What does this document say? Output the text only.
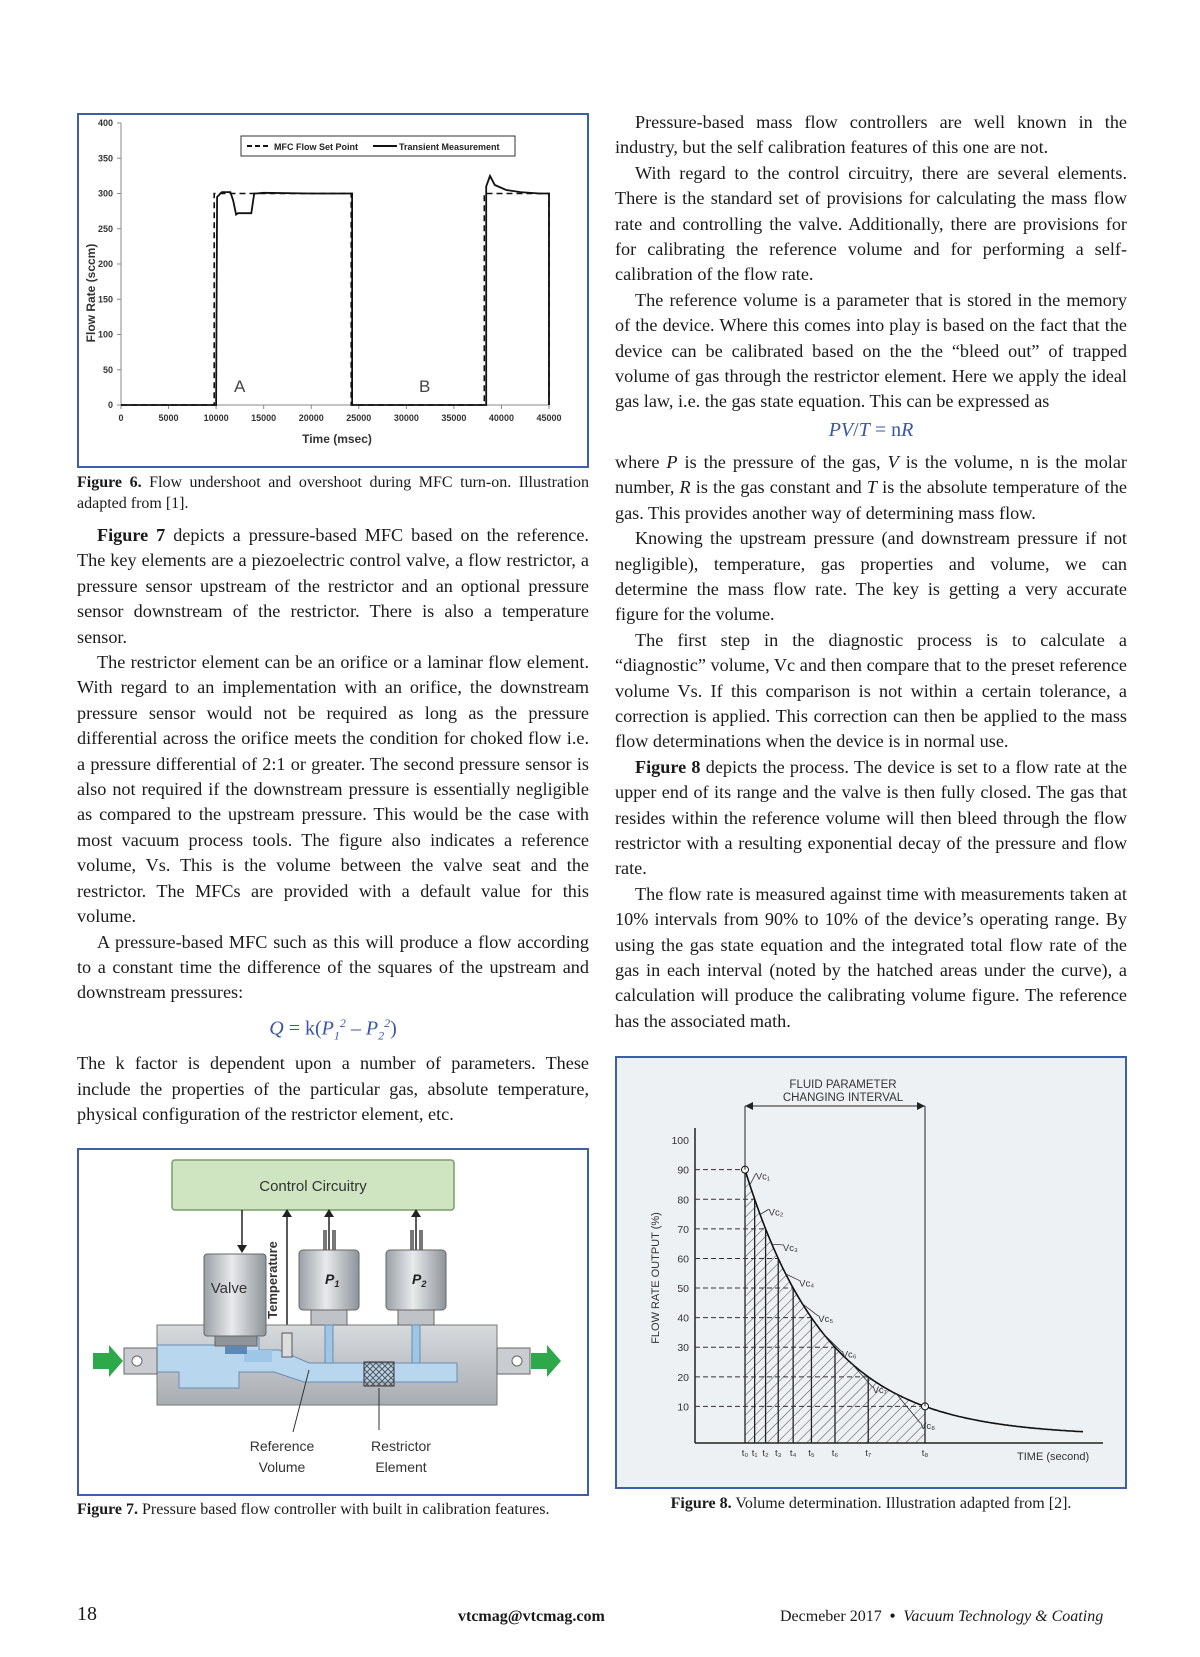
0
50
100
150
200
250
300
350
400
0	5000	10000	15000	20000	25000	30000	35000	40000	45000
MFC Flow Set Point	Transient Measurement
A	B
Time (msec)
Flow Rate (sccm)

Figure 6. Flow undershoot and overshoot during MFC turn-on. Illustration adapted from [1].

Figure 7 depicts a pressure-based MFC based on the reference. The key elements are a piezoelectric control valve, a flow restrictor, a pressure sensor upstream of the restrictor and an optional pressure sensor downstream of the restrictor. There is also a temperature sensor.

The restrictor element can be an orifice or a laminar flow element. With regard to an implementation with an orifice, the downstream pressure sensor would not be required as long as the pressure differential across the orifice meets the condition for choked flow i.e. a pressure differential of 2:1 or greater. The second pressure sensor is also not required if the downstream pressure is essentially negligible as compared to the upstream pressure. This would be the case with most vacuum process tools. The figure also indicates a reference volume, Vs. This is the volume between the valve seat and the restrictor. The MFCs are provided with a default value for this volume.

A pressure-based MFC such as this will produce a flow according to a constant time the difference of the squares of the upstream and downstream pressures:

$Q = k(P_1^2 - P_2^2)$

The k factor is dependent upon a number of parameters. These include the properties of the particular gas, absolute temperature, physical configuration of the restrictor element, etc.

Control Circuitry
Valve Temperature	$P_1$	$P_2$
Reference
Volume
Restrictor
Element

Figure 7. Pressure based flow controller with built in calibration features.

Pressure-based mass flow controllers are well known in the industry, but the self calibration features of this one are not.

With regard to the control circuitry, there are several elements. There is the standard set of provisions for calculating the mass flow rate and controlling the valve. Additionally, there are provisions for for calibrating the reference volume and for performing a self-calibration of the flow rate.

The reference volume is a parameter that is stored in the memory of the device. Where this comes into play is based on the fact that the device can be calibrated based on the the “bleed out” of trapped volume of gas through the restrictor element. Here we apply the ideal gas law, i.e. the gas state equation. This can be expressed as

PV/T = nR

where P is the pressure of the gas, V is the volume, n is the molar number, R is the gas constant and T is the absolute temperature of the gas. This provides another way of determining mass flow.

Knowing the upstream pressure (and downstream pressure if not negligible), temperature, gas properties and volume, we can determine the mass flow rate. The key is getting a very accurate figure for the volume.

The first step in the diagnostic process is to calculate a “diagnostic” volume, Vc and then compare that to the preset reference volume Vs. If this comparison is not within a certain tolerance, a correction is applied. This correction can then be applied to the mass flow determinations when the device is in normal use.

Figure 8 depicts the process. The device is set to a flow rate at the upper end of its range and the valve is then fully closed. The gas that resides within the reference volume will then bleed through the flow restrictor with a resulting exponential decay of the pressure and flow rate.

The flow rate is measured against time with measurements taken at 10% intervals from 90% to 10% of the device’s operating range. By using the gas state equation and the integrated total flow rate of the gas in each interval (noted by the hatched areas under the curve), a calculation will produce the calibrating volume figure. The reference has the associated math.

FLUID PARAMETER
CHANGING INTERVAL
100
90
80
70
60
50
40
30
20
10
Vc₁
Vc₂
Vc₃
Vc₄
Vc₅
Vc₆
Vc₇
Vc₈
t₀ t₁ t₂ t₃ t₄ t₅ t₆	t₇	t₈	TIME (second)
FLOW RATE OUTPUT (%)

Figure 8. Volume determination. Illustration adapted from [2].

18	vtcmag@vtcmag.com	Decmeber 2017 • Vacuum Technology & Coating
